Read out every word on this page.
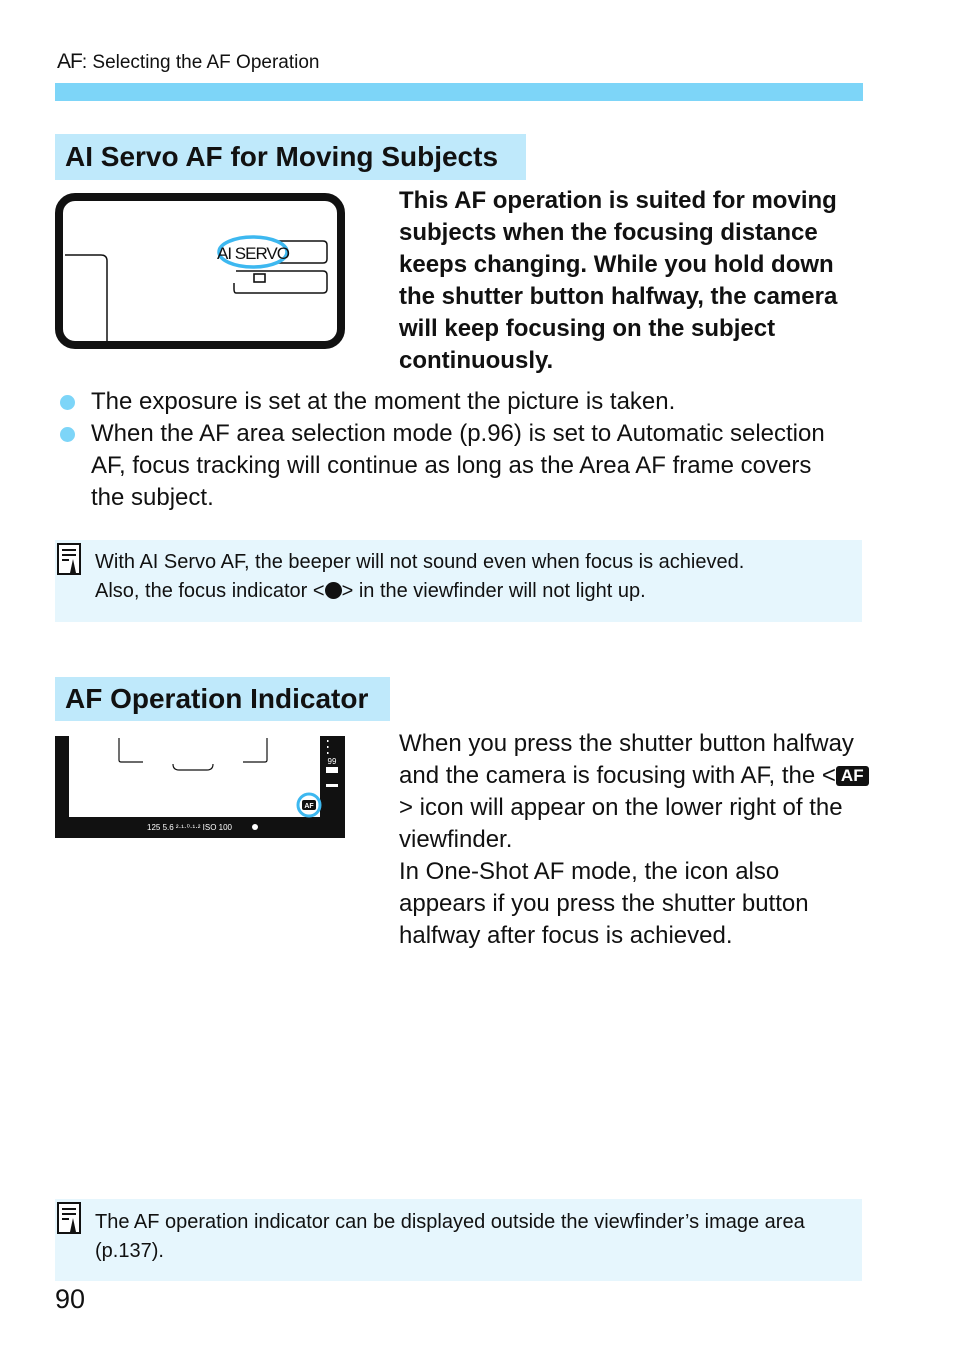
AF : Selecting the AF Operation
AI Servo AF for Moving Subjects
AI SERVO
This AF operation is suited for moving subjects when the focusing distance keeps changing. While you hold down the shutter button halfway, the camera will keep focusing on the subject continuously.
The exposure is set at the moment the picture is taken.
When the AF area selection mode (p.96) is set to Automatic selection AF, focus tracking will continue as long as the Area AF frame covers the subject.
With AI Servo AF, the beeper will not sound even when focus is achieved.
Also, the focus indicator < > in the viewfinder will not light up.
AF Operation Indicator
99
AF
125 5.6 ²·¹·⁰·¹·² ISO 100
When you press the shutter button halfway and the camera is focusing with AF, the < AF> icon will appear on the lower right of the viewfinder.
In One-Shot AF mode, the icon also appears if you press the shutter button halfway after focus is achieved.
The AF operation indicator can be displayed outside the viewfinder’s image area (p.137).
90
